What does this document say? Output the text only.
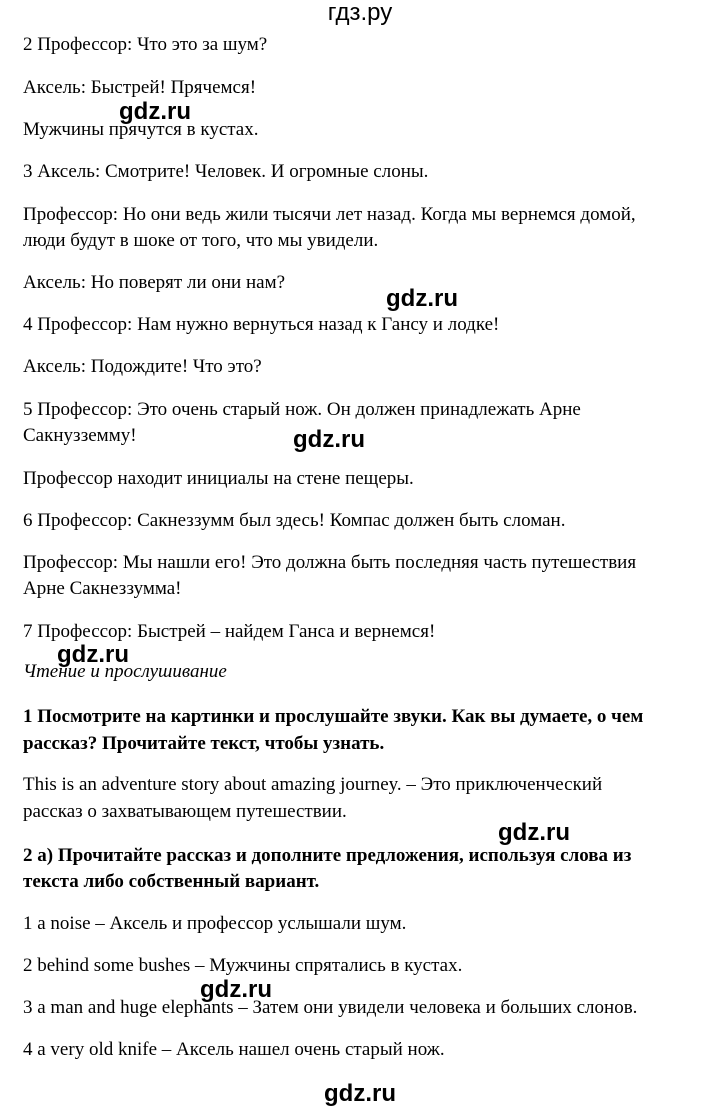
гдз.ру
2 Профессор: Что это за шум?
Аксель: Быстрей! Прячемся!
Мужчины прячутся в кустах.
3 Аксель: Смотрите! Человек. И огромные слоны.
Профессор: Но они ведь жили тысячи лет назад. Когда мы вернемся домой,
люди будут в шоке от того, что мы увидели.
Аксель: Но поверят ли они нам?
4 Профессор: Нам нужно вернуться назад к Гансу и лодке!
Аксель: Подождите! Что это?
5 Профессор: Это очень старый нож. Он должен принадлежать Арне
Сакнузземму!
Профессор находит инициалы на стене пещеры.
6 Профессор: Сакнеззумм был здесь! Компас должен быть сломан.
Профессор: Мы нашли его! Это должна быть последняя часть путешествия
Арне Сакнеззумма!
7 Профессор: Быстрей – найдем Ганса и вернемся!
Чтение и прослушивание
1 Посмотрите на картинки и прослушайте звуки. Как вы думаете, о чем
рассказ? Прочитайте текст, чтобы узнать.
This is an adventure story about amazing journey. – Это приключенческий
рассказ о захватывающем путешествии.
2 а) Прочитайте рассказ и дополните предложения, используя слова из
текста либо собственный вариант.
1 a noise – Аксель и профессор услышали шум.
2 behind some bushes – Мужчины спрятались в кустах.
3 a man and huge elephants – Затем они увидели человека и больших слонов.
4 a very old knife – Аксель нашел очень старый нож.
gdz.ru
gdz.ru
gdz.ru
gdz.ru
gdz.ru
gdz.ru
gdz.ru
